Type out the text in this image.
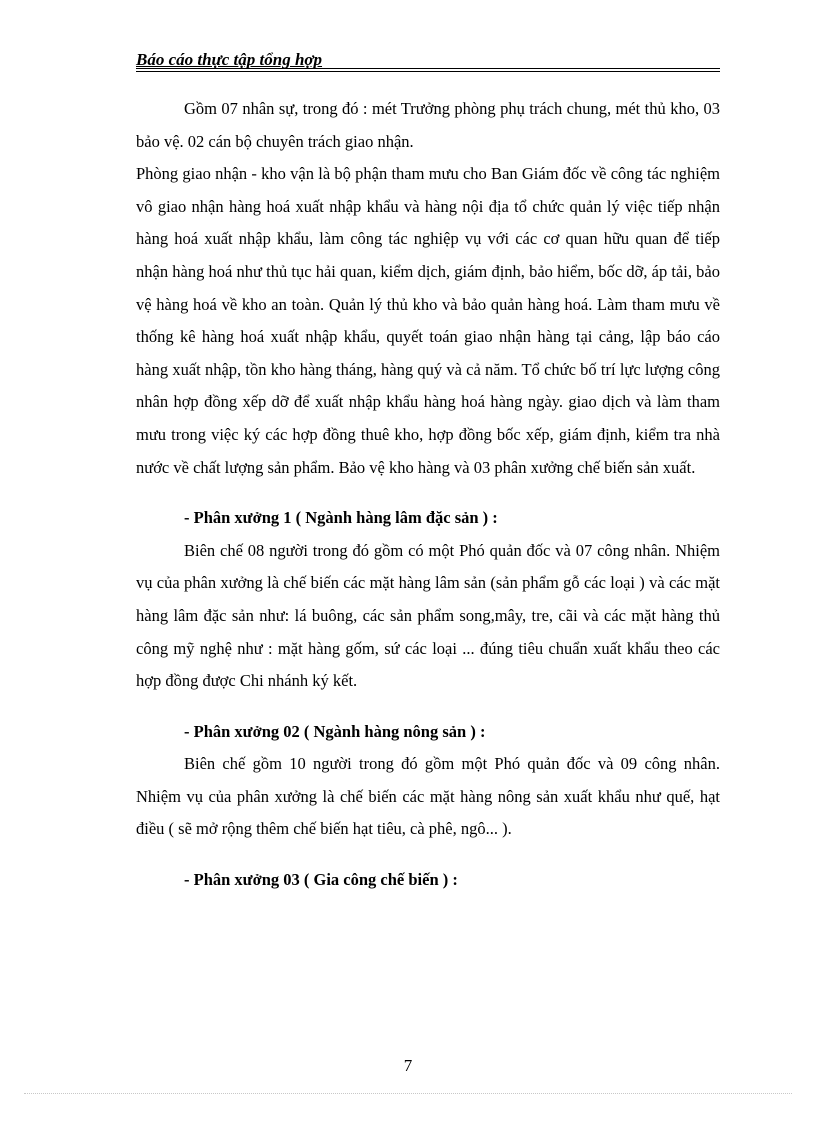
Báo cáo thực tập tổng hợp

Gồm 07 nhân sự, trong đó : mét Trưởng phòng phụ trách chung, mét thủ kho, 03 bảo vệ. 02 cán bộ chuyên trách giao nhận.

Phòng giao nhận - kho vận là bộ phận tham mưu cho Ban Giám đốc về công tác nghiệm vô giao nhận hàng hoá xuất nhập khẩu và hàng nội địa tổ chức quản lý việc tiếp nhận hàng hoá xuất nhập khẩu, làm công tác nghiệp vụ với các cơ quan hữu quan để tiếp nhận hàng hoá như thủ tục hải quan, kiểm dịch, giám định, bảo hiểm, bốc dỡ, áp tải, bảo vệ hàng hoá về kho an toàn. Quản lý thủ kho và bảo quản hàng hoá. Làm tham mưu về thống kê hàng hoá xuất nhập khẩu, quyết toán giao nhận hàng tại cảng, lập báo cáo hàng xuất nhập, tồn kho hàng tháng, hàng quý và cả năm. Tổ chức bố trí lực lượng công nhân hợp đồng xếp dỡ để xuất nhập khẩu hàng hoá hàng ngày. giao dịch và làm tham mưu trong việc ký các hợp đồng thuê kho, hợp đồng bốc xếp, giám định, kiểm tra nhà nước về chất lượng sản phẩm. Bảo vệ kho hàng và 03 phân xưởng chế biến sản xuất.

- Phân xưởng 1 ( Ngành hàng lâm đặc sản ) :

Biên chế 08 người trong đó gồm có một Phó quản đốc và 07 công nhân. Nhiệm vụ của phân xưởng là chế biến các mặt hàng lâm sản (sản phẩm gỗ các loại ) và các mặt hàng lâm đặc sản như: lá buông, các sản phẩm song,mây, tre, cãi và các mặt hàng thủ công mỹ nghệ như : mặt hàng gốm, sứ các loại ... đúng tiêu chuẩn xuất khẩu theo các hợp đồng được Chi nhánh ký kết.

- Phân xưởng 02 ( Ngành hàng nông sản ) :

Biên chế gồm 10 người trong đó gồm một Phó quản đốc và 09 công nhân. Nhiệm vụ của phân xưởng là chế biến các mặt hàng nông sản xuất khẩu như quế, hạt điều ( sẽ mở rộng thêm chế biến hạt tiêu, cà phê, ngô... ).

- Phân xưởng 03 ( Gia công chế biến ) :

7
